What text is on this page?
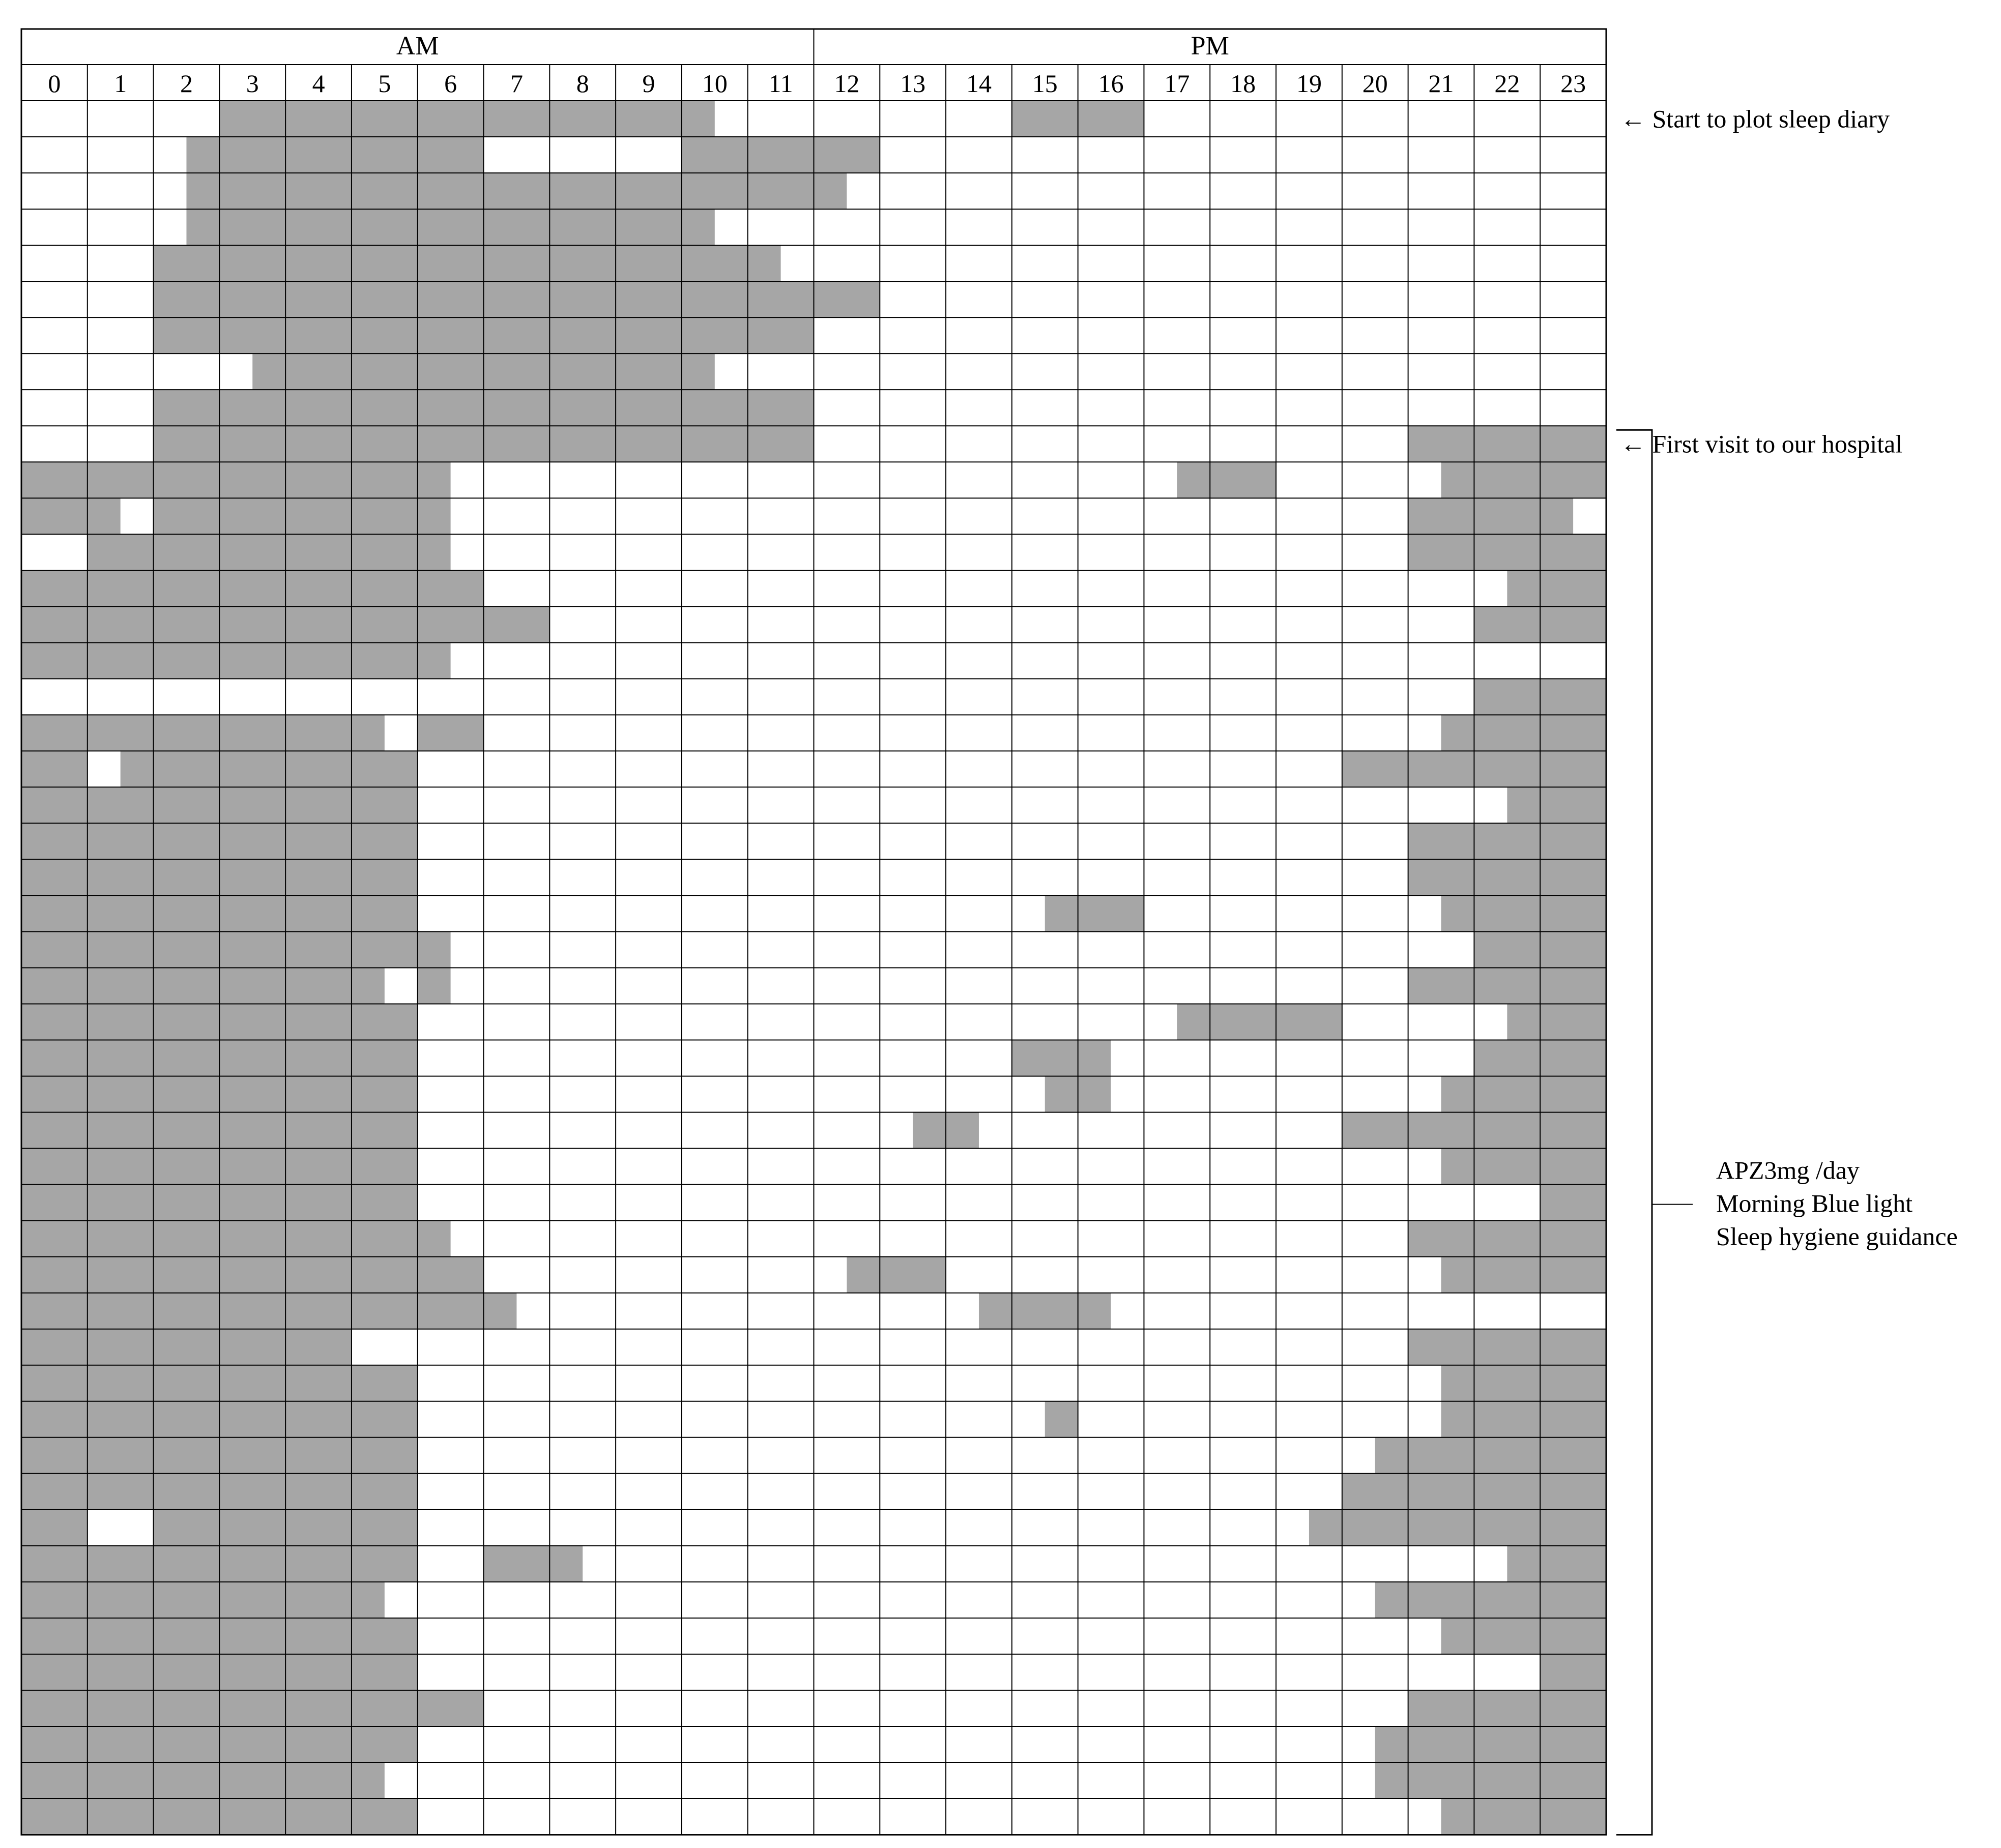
AM	PM
0 1 2 3 4 5 6 7 8 9 10 11 12 13 14 15 16 17 18 19 20 21 22 23
← Start to plot sleep diary
← First visit to our hospital
APZ3mg /day
Morning Blue light
Sleep hygiene guidance
